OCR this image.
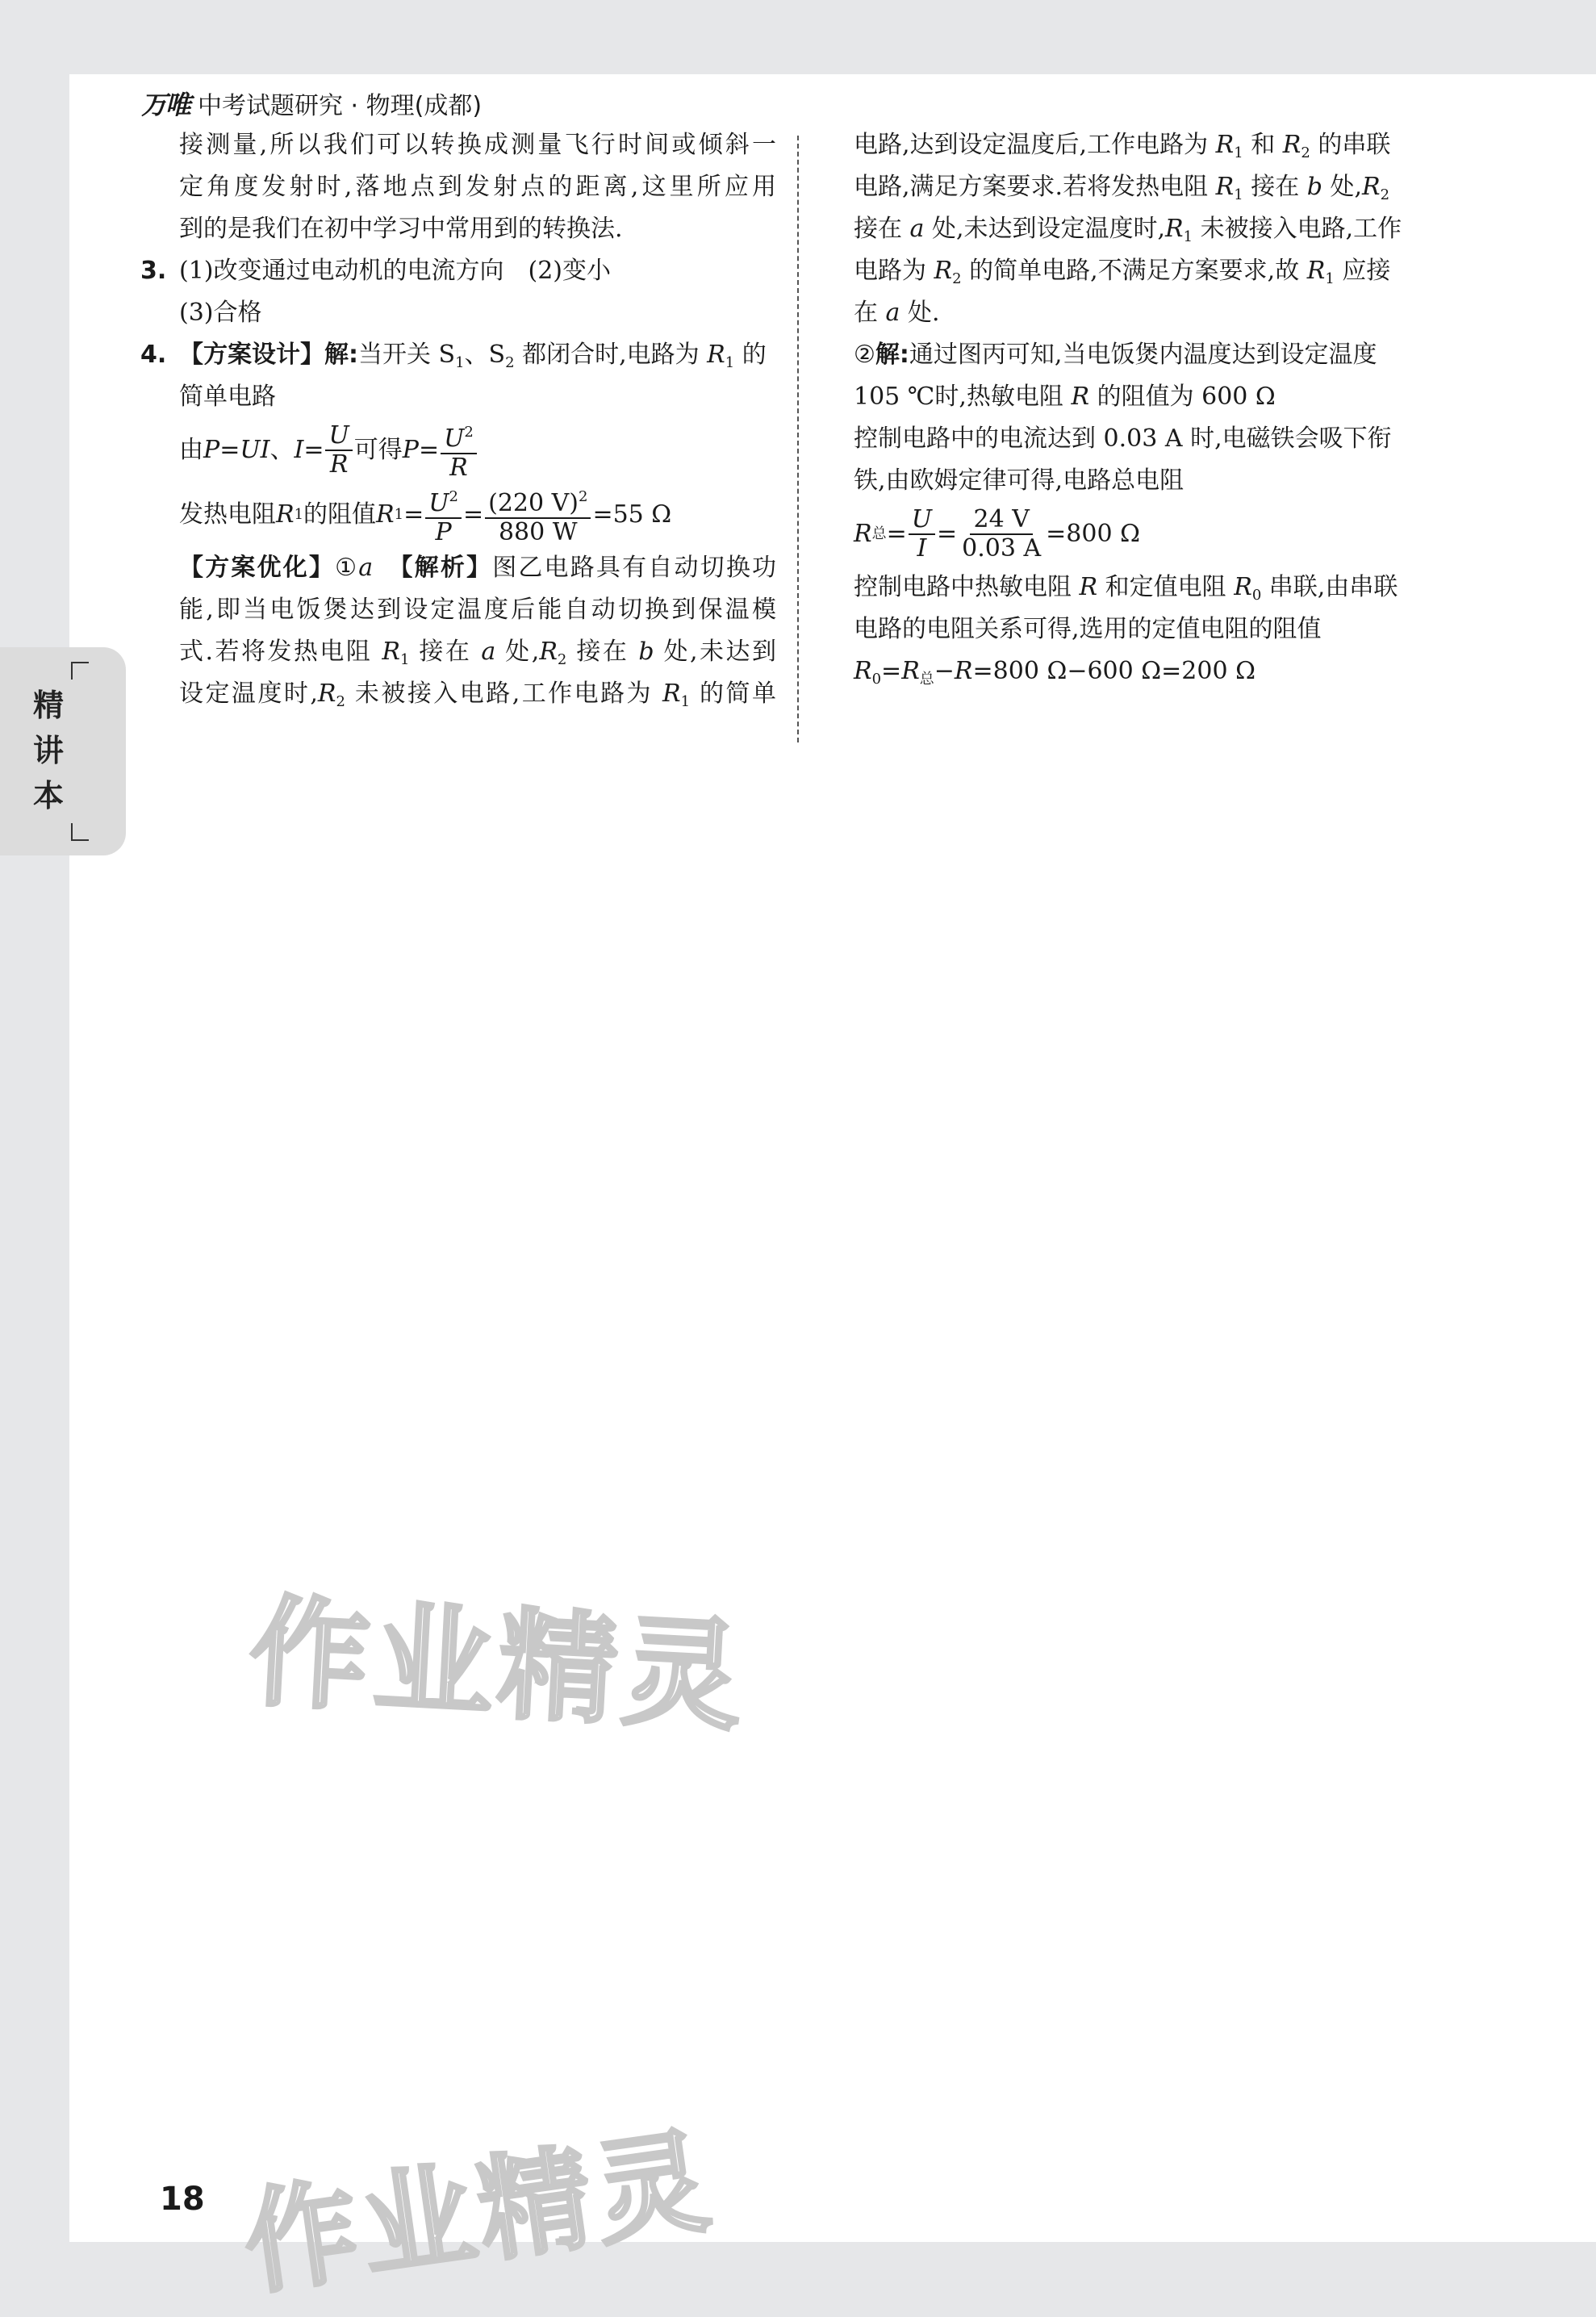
万唯 中考试题研究 · 物理(成都)
精
讲
本
接测量,所以我们可以转换成测量飞行时间或倾斜一
定角度发射时,落地点到发射点的距离,这里所应用
到的是我们在初中学习中常用到的转换法.
3. (1)改变通过电动机的电流方向　(2)变小
(3)合格
4. 【方案设计】解:当开关 $S_1$、$S_2$ 都闭合时,电路为 $R_1$ 的
简单电路
由 P = UI 、 $I = \frac{U}{R}$ 可得 $P = \frac{U^2}{R}$
发热电阻 R 1 的阻值 R $1 = \frac{U^2}{P} = \frac{(220 V)^2}{880 W} =55$ Ω
【方案优化】①a　 【解析】图乙电路具有自动切换功
能,即当电饭煲达到设定温度后能自动切换到保温模
式.若将发热电阻 $R_1$ 接在 a 处$,R_2$ 接在 b 处,未达到
设定温度时$,R_2$ 未被接入电路,工作电路为 $R_1$ 的简单
电路,达到设定温度后,工作电路为 $R_1$ 和 $R_2$ 的串联
电路,满足方案要求.若将发热电阻 $R_1$ 接在 b 处$,R_2$
接在 a 处,未达到设定温度时$,R_1$ 未被接入电路,工作
电路为 $R_2$ 的简单电路,不满足方案要求,故 $R_1$ 应接
在 a 处.
②解:通过图丙可知,当电饭煲内温度达到设定温度
105 ℃时,热敏电阻 R 的阻值为 600 Ω
控制电路中的电流达到 0.03 A 时,电磁铁会吸下衔
铁,由欧姆定律可得,电路总电阻
R 总 = $\frac{U}{I} = \frac{24 V}{0.03 A} =800$ Ω
控制电路中热敏电阻 R 和定值电阻 $R_0$ 串联,由串联
电路的电阻关系可得,选用的定值电阻的阻值
$R_0=R_总-R=800$ Ω−600 Ω=200 Ω
作业精灵
作业精灵
18
